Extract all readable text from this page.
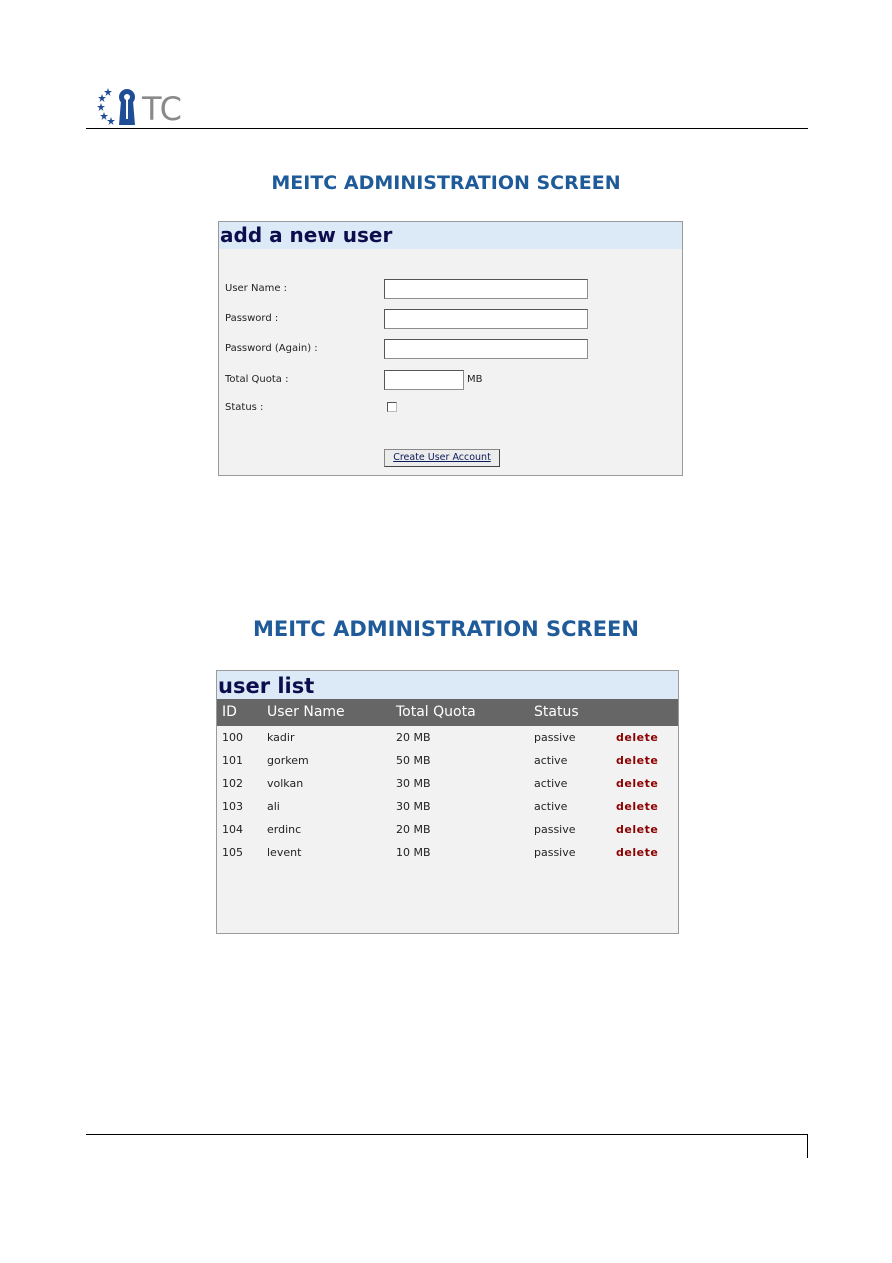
TC
MEITC ADMINISTRATION SCREEN
add a new user
User Name :
Password :
Password (Again) :
Total Quota :	MB
Status :
Create User Account
MEITC ADMINISTRATION SCREEN
user list
ID User Name	Total Quota	Status
100 kadir	20 MB	passive	delete
101 gorkem	50 MB	active	delete
102 volkan	30 MB	active	delete
103 ali	30 MB	active	delete
104 erdinc	20 MB	passive	delete
105 levent	10 MB	passive	delete
